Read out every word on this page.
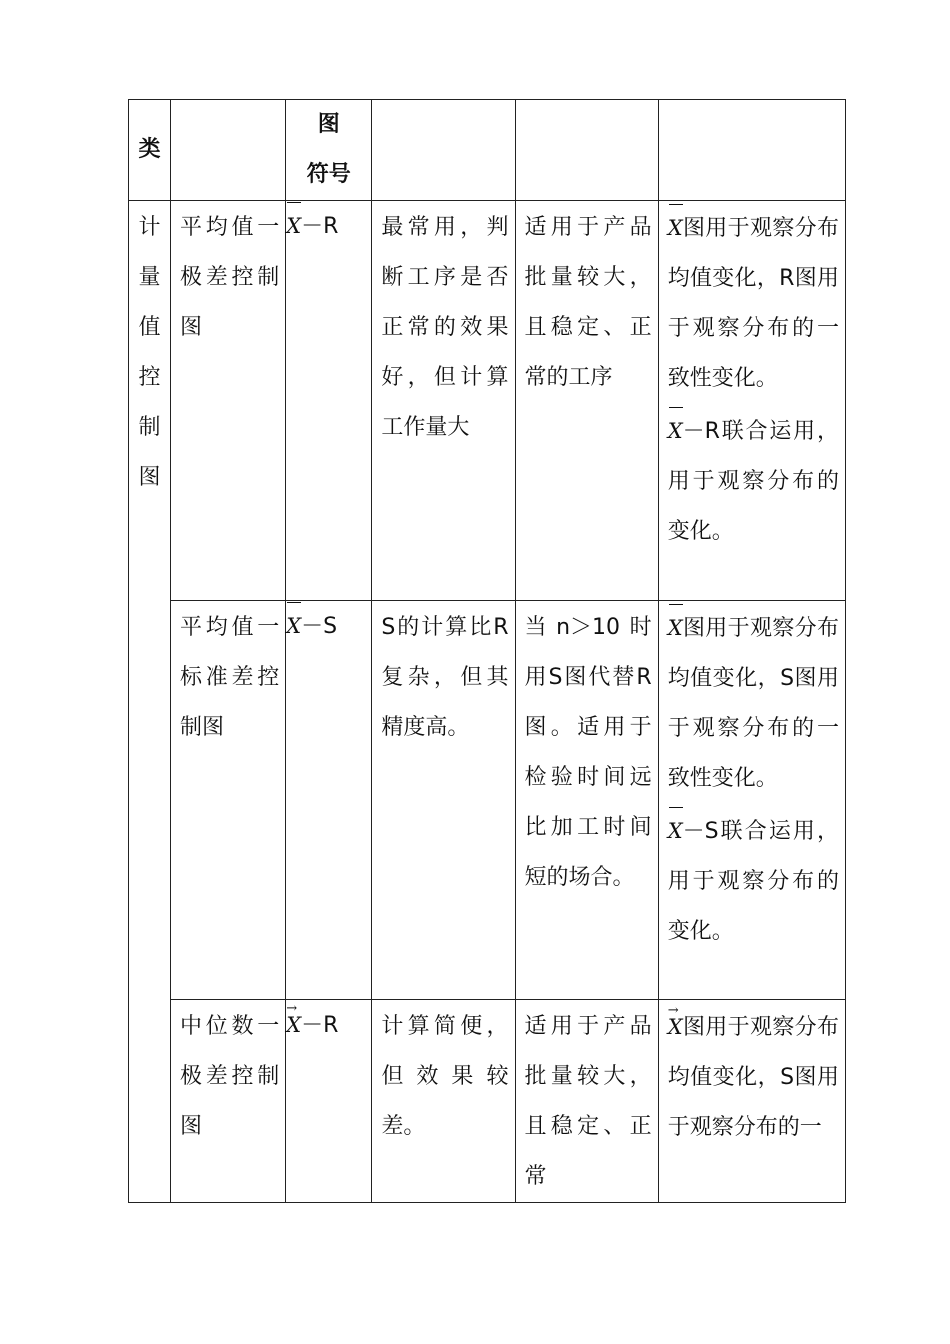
类		图
符号			

计量值控制图	平均值一极差控制图	X－R	最常用，判断工序是否正常的效果好，但计算工作量大	适用于产品批量较大，且稳定、正常的工序	X图用于观察分布均值变化，R图用于观察分布的一致性变化。
X－R联合运用，用于观察分布的变化。

	平均值一标准差控制图	X－S	S的计算比R复杂，但其精度高。	当n＞10时用S图代替R图。适用于检验时间远比加工时间短的场合。	X图用于观察分布均值变化，S图用于观察分布的一致性变化。
X－S联合运用，用于观察分布的变化。

	中位数一极差控制图	→ X－R	计算简便，但效果较差。	适用于产品批量较大，且稳定、正常	→ X图用于观察分布均值变化，S图用于观察分布的一
